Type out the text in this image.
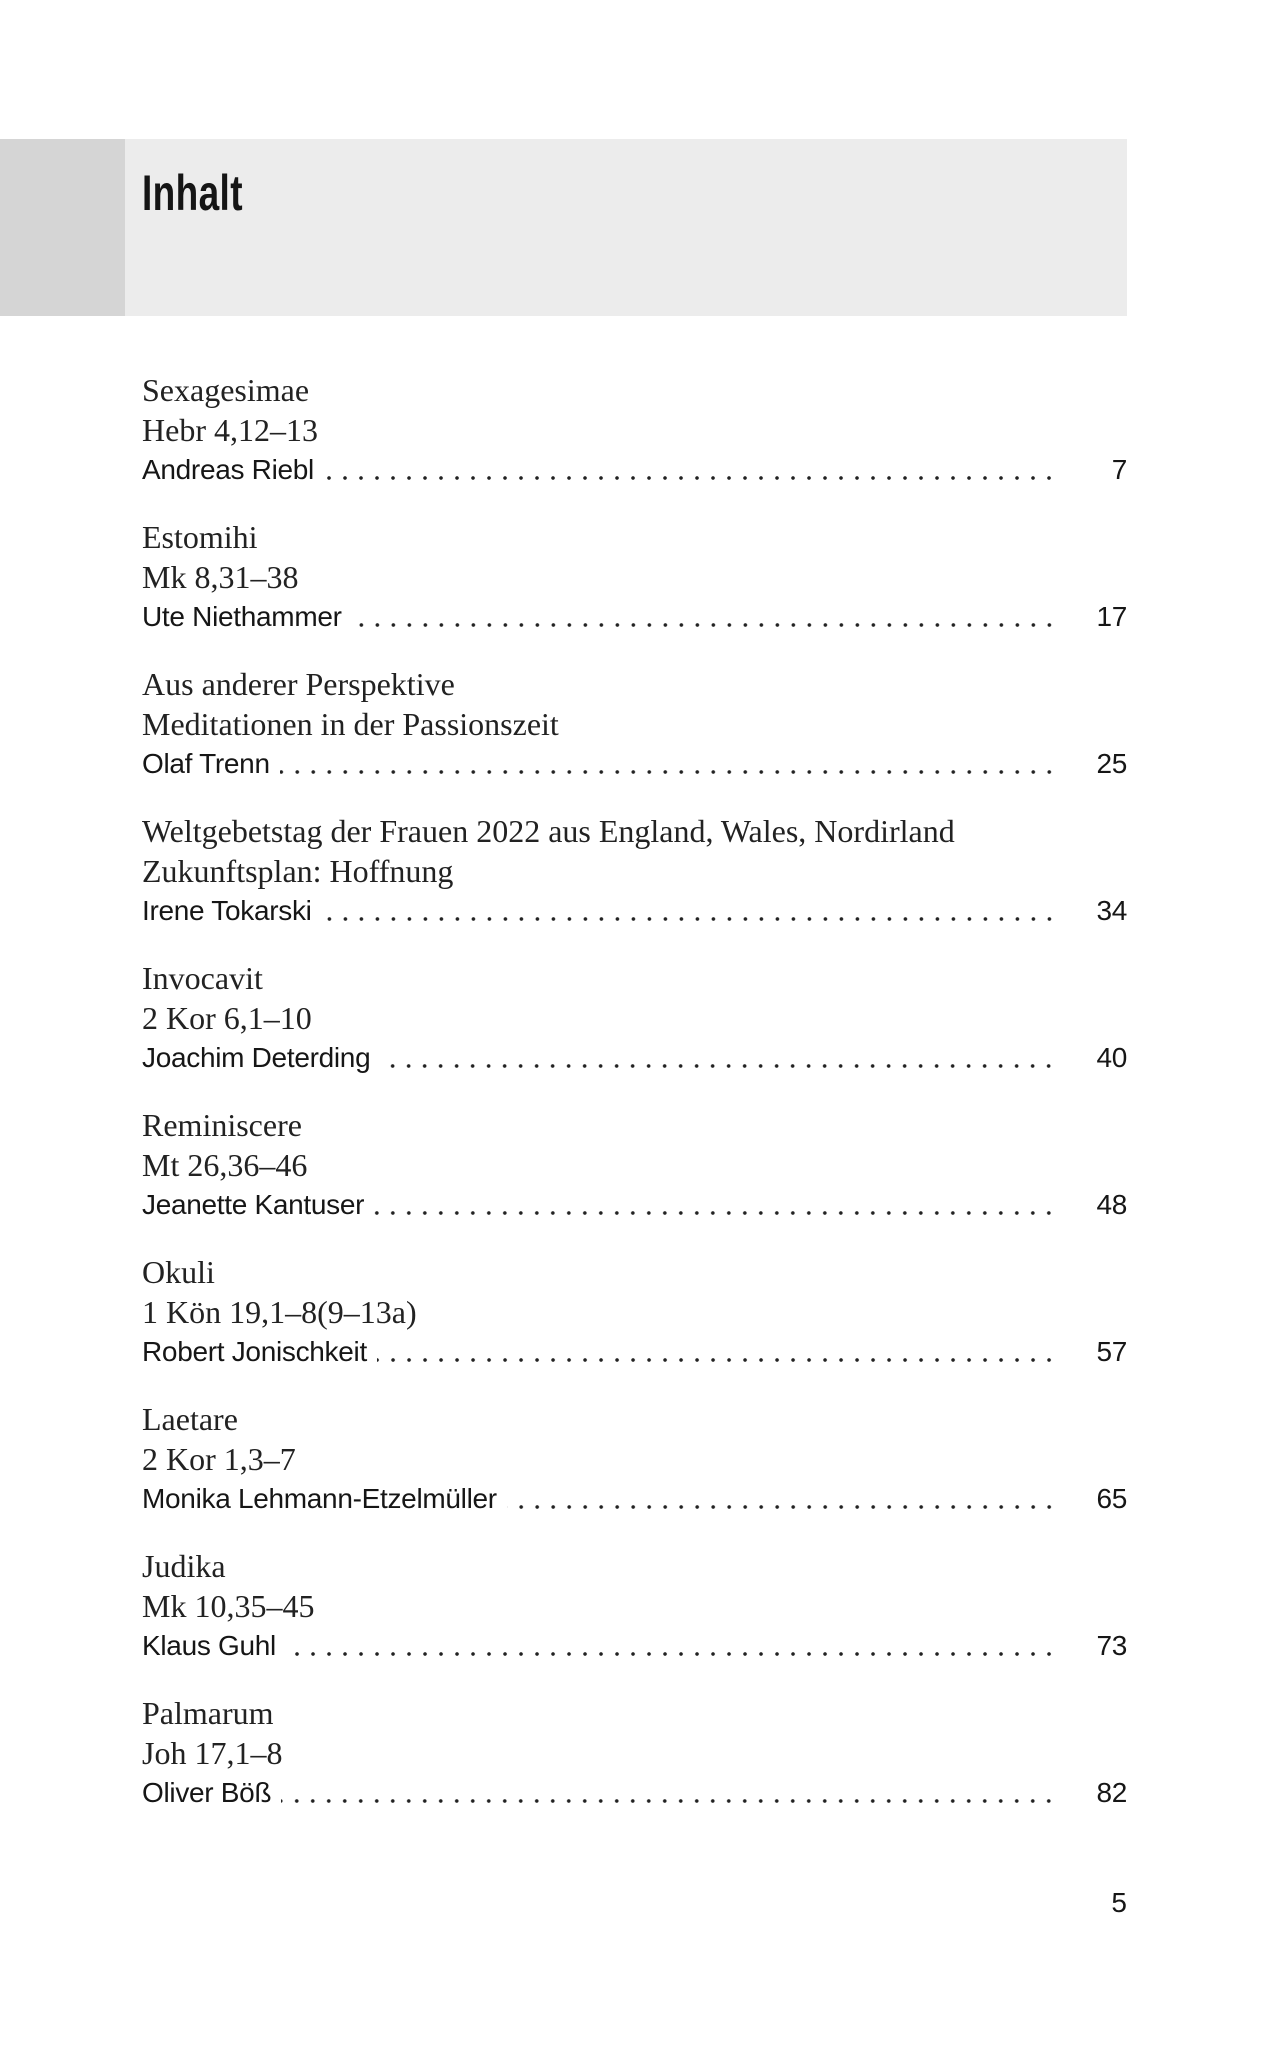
Inhalt
Sexagesimae
Hebr 4,12–13
Andreas Riebl	7
Estomihi
Mk 8,31–38
Ute Niethammer	17
Aus anderer Perspektive
Meditationen in der Passionszeit
Olaf Trenn	25
Weltgebetstag der Frauen 2022 aus England, Wales, Nordirland
Zukunftsplan: Hoffnung
Irene Tokarski	34
Invocavit
2 Kor 6,1–10
Joachim Deterding	40
Reminiscere
Mt 26,36–46
Jeanette Kantuser	48
Okuli
1 Kön 19,1–8(9–13a)
Robert Jonischkeit	57
Laetare
2 Kor 1,3–7
Monika Lehmann-Etzelmüller	65
Judika
Mk 10,35–45
Klaus Guhl	73
Palmarum
Joh 17,1–8
Oliver Böß	82
5
